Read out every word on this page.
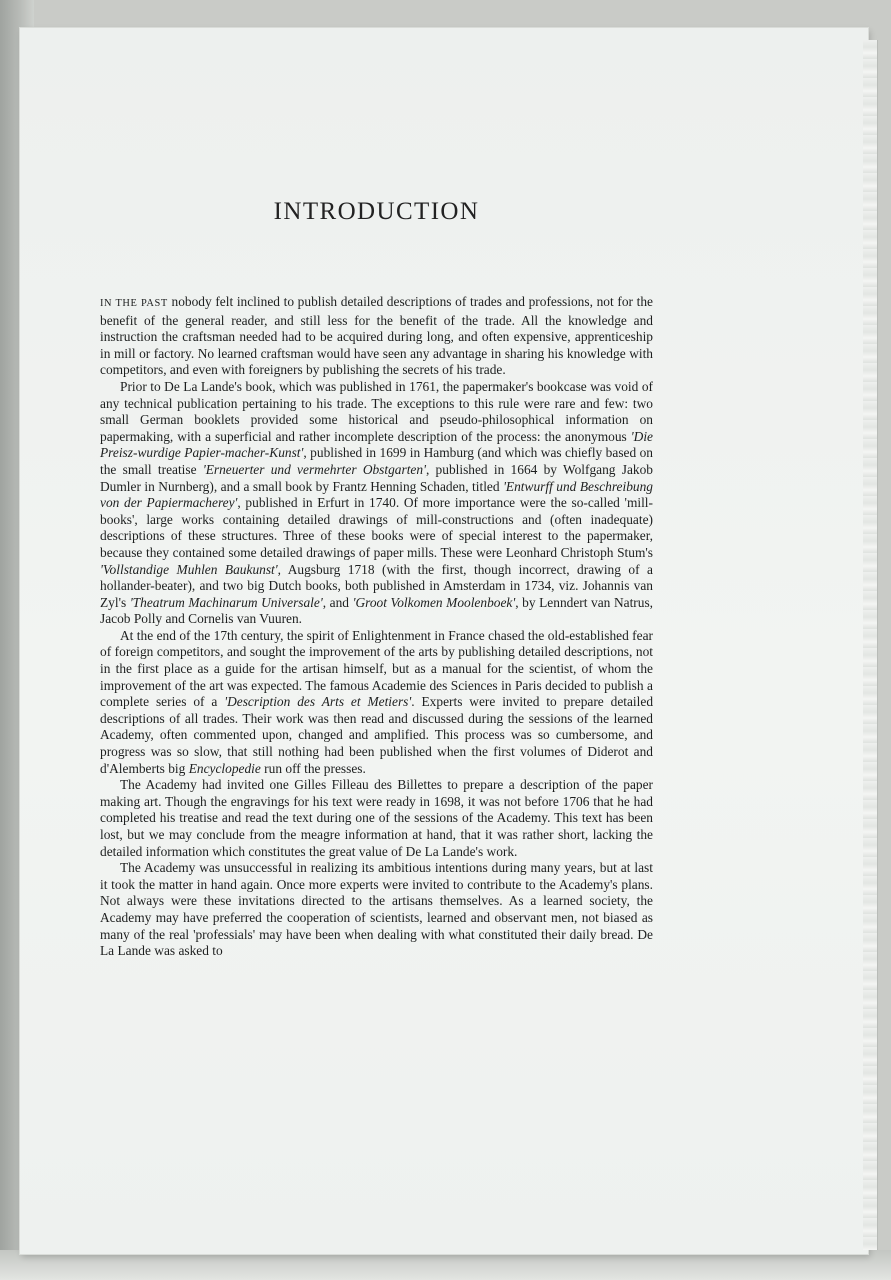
INTRODUCTION

IN THE PAST nobody felt inclined to publish detailed descriptions of trades and professions, not for the benefit of the general reader, and still less for the benefit of the trade. All the knowledge and instruction the craftsman needed had to be acquired during long, and often expensive, apprenticeship in mill or factory. No learned craftsman would have seen any advantage in sharing his knowledge with competitors, and even with foreigners by publishing the secrets of his trade.

Prior to De La Lande's book, which was published in 1761, the papermaker's bookcase was void of any technical publication pertaining to his trade. The exceptions to this rule were rare and few: two small German booklets provided some historical and pseudo-philosophical information on papermaking, with a superficial and rather incomplete description of the process: the anonymous 'Die Preisz-wurdige Papier-macher-Kunst', published in 1699 in Hamburg (and which was chiefly based on the small treatise 'Erneuerter und vermehrter Obstgarten', published in 1664 by Wolfgang Jakob Dumler in Nurnberg), and a small book by Frantz Henning Schaden, titled 'Entwurff und Beschreibung von der Papiermacherey', published in Erfurt in 1740. Of more importance were the so-called 'mill-books', large works containing detailed drawings of mill-constructions and (often inadequate) descriptions of these structures. Three of these books were of special interest to the papermaker, because they contained some detailed drawings of paper mills. These were Leonhard Christoph Stum's 'Vollstandige Muhlen Baukunst', Augsburg 1718 (with the first, though incorrect, drawing of a hollander-beater), and two big Dutch books, both published in Amsterdam in 1734, viz. Johannis van Zyl's 'Theatrum Machinarum Universale', and 'Groot Volkomen Moolenboek', by Lenndert van Natrus, Jacob Polly and Cornelis van Vuuren.

At the end of the 17th century, the spirit of Enlightenment in France chased the old-established fear of foreign competitors, and sought the improvement of the arts by publishing detailed descriptions, not in the first place as a guide for the artisan himself, but as a manual for the scientist, of whom the improvement of the art was expected. The famous Academie des Sciences in Paris decided to publish a complete series of a 'Description des Arts et Metiers'. Experts were invited to prepare detailed descriptions of all trades. Their work was then read and discussed during the sessions of the learned Academy, often commented upon, changed and amplified. This process was so cumbersome, and progress was so slow, that still nothing had been published when the first volumes of Diderot and d'Alemberts big Encyclopedie run off the presses.

The Academy had invited one Gilles Filleau des Billettes to prepare a description of the paper making art. Though the engravings for his text were ready in 1698, it was not before 1706 that he had completed his treatise and read the text during one of the sessions of the Academy. This text has been lost, but we may conclude from the meagre information at hand, that it was rather short, lacking the detailed information which constitutes the great value of De La Lande's work.

The Academy was unsuccessful in realizing its ambitious intentions during many years, but at last it took the matter in hand again. Once more experts were invited to contribute to the Academy's plans. Not always were these invitations directed to the artisans themselves. As a learned society, the Academy may have preferred the cooperation of scientists, learned and observant men, not biased as many of the real 'professials' may have been when dealing with what constituted their daily bread. De La Lande was asked to
